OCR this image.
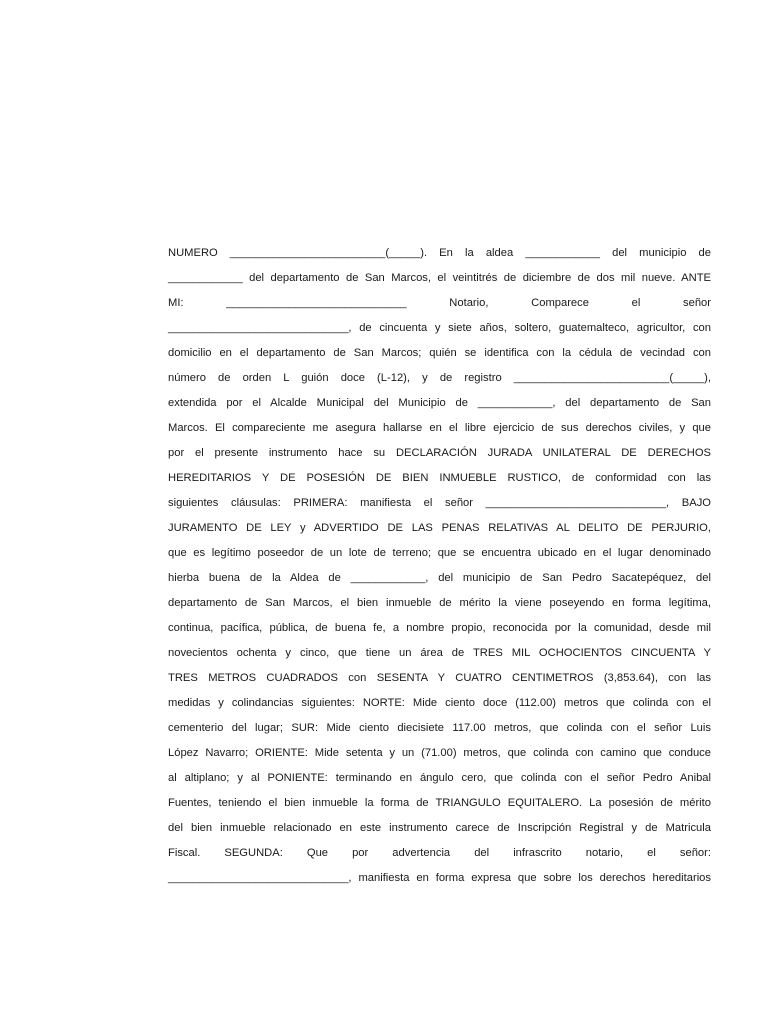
NUMERO _________________________(_____). En la aldea ____________ del municipio de
____________ del departamento de San Marcos, el veintitrés de diciembre de dos mil nueve. ANTE
MI: _____________________________ Notario, Comparece el señor
_____________________________, de cincuenta y siete años, soltero, guatemalteco, agricultor, con
domicilio en el departamento de San Marcos; quién se identifica con la cédula de vecindad con
número de orden L guión doce (L-12), y de registro _________________________(_____),
extendida por el Alcalde Municipal del Municipio de ____________, del departamento de San
Marcos. El compareciente me asegura hallarse en el libre ejercicio de sus derechos civiles, y que
por el presente instrumento hace su DECLARACIÓN JURADA UNILATERAL DE DERECHOS
HEREDITARIOS Y DE POSESIÓN DE BIEN INMUEBLE RUSTICO, de conformidad con las
siguientes cláusulas: PRIMERA: manifiesta el señor _____________________________, BAJO
JURAMENTO DE LEY y ADVERTIDO DE LAS PENAS RELATIVAS AL DELITO DE PERJURIO,
que es legítimo poseedor de un lote de terreno; que se encuentra ubicado en el lugar denominado
hierba buena de la Aldea de ____________, del municipio de San Pedro Sacatepéquez, del
departamento de San Marcos, el bien inmueble de mérito la viene poseyendo en forma legítima,
continua, pacífica, pública, de buena fe, a nombre propio, reconocida por la comunidad, desde mil
novecientos ochenta y cinco, que tiene un área de TRES MIL OCHOCIENTOS CINCUENTA Y
TRES METROS CUADRADOS con SESENTA Y CUATRO CENTIMETROS (3,853.64), con las
medidas y colindancias siguientes: NORTE: Mide ciento doce (112.00) metros que colinda con el
cementerio del lugar; SUR: Mide ciento diecisiete 117.00 metros, que colinda con el señor Luis
López Navarro; ORIENTE: Mide setenta y un (71.00) metros, que colinda con camino que conduce
al altiplano; y al PONIENTE: terminando en ángulo cero, que colinda con el señor Pedro Anibal
Fuentes, teniendo el bien inmueble la forma de TRIANGULO EQUITALERO. La posesión de mérito
del bien inmueble relacionado en este instrumento carece de Inscripción Registral y de Matricula
Fiscal. SEGUNDA: Que por advertencia del infrascrito notario, el señor:
_____________________________, manifiesta en forma expresa que sobre los derechos hereditarios
